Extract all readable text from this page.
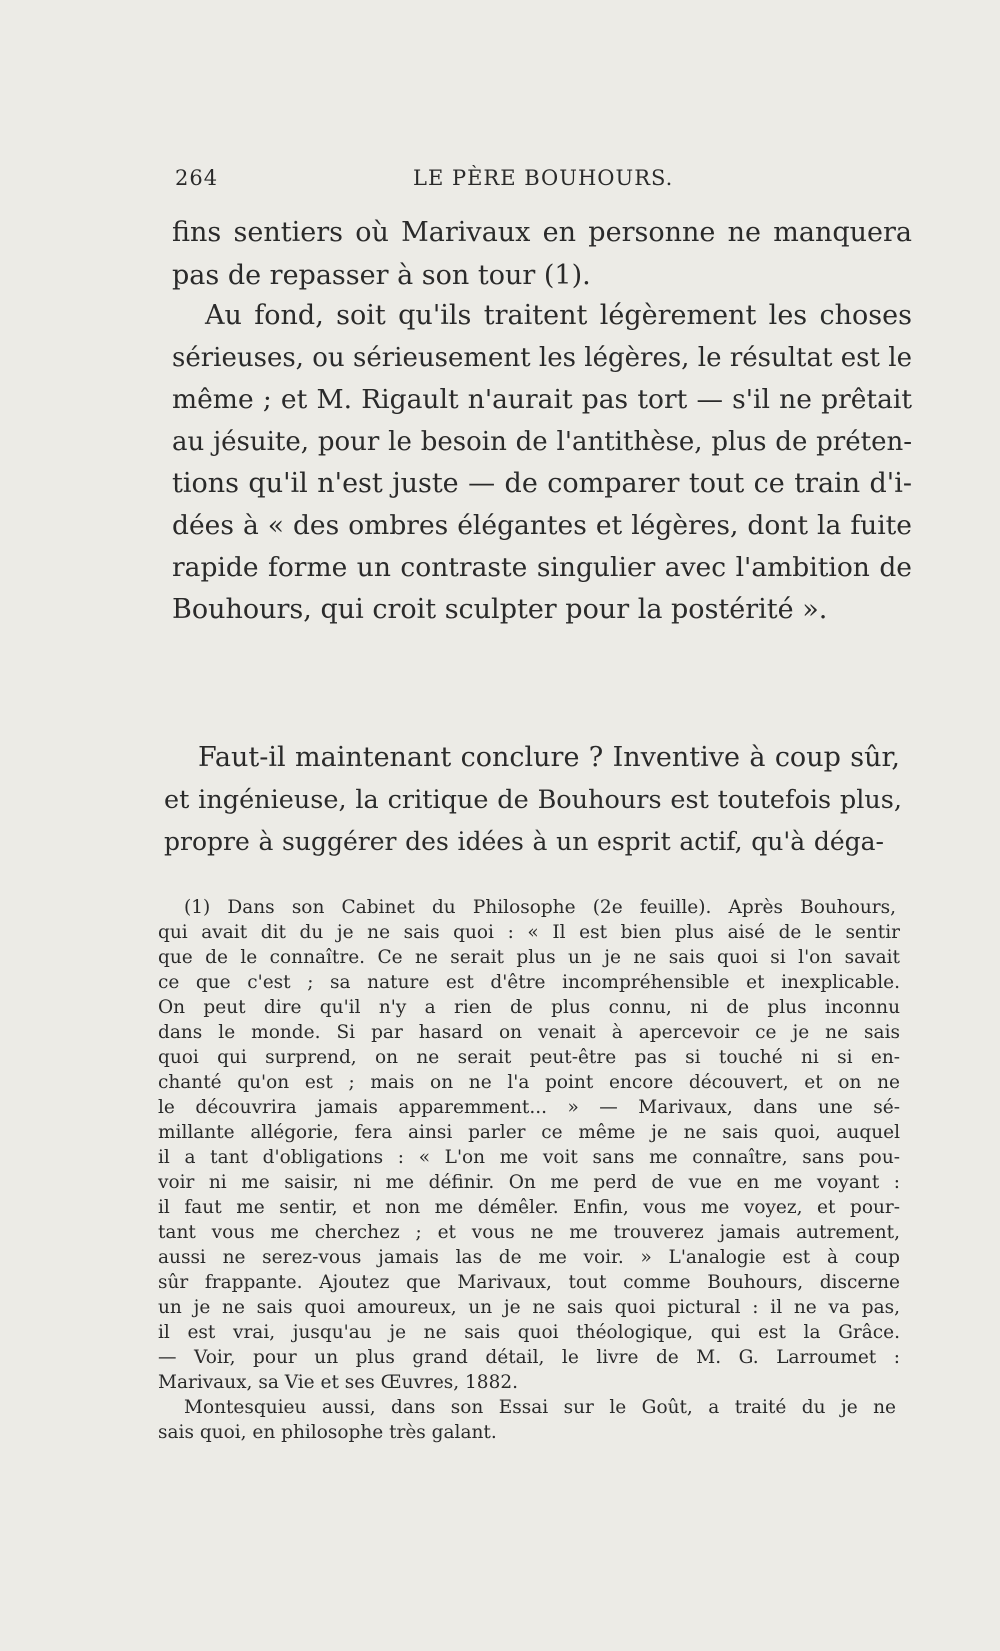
264	LE PÈRE BOUHOURS.
fins sentiers où Marivaux en personne ne manquera
pas de repasser à son tour (1).
Au fond, soit qu'ils traitent légèrement les choses
sérieuses, ou sérieusement les légères, le résultat est le
même ; et M. Rigault n'aurait pas tort — s'il ne prêtait
au jésuite, pour le besoin de l'antithèse, plus de préten-
tions qu'il n'est juste — de comparer tout ce train d'i-
dées à « des ombres élégantes et légères, dont la fuite
rapide forme un contraste singulier avec l'ambition de
Bouhours, qui croit sculpter pour la postérité ».
Faut-il maintenant conclure ? Inventive à coup sûr,
et ingénieuse, la critique de Bouhours est toutefois plus,
propre à suggérer des idées à un esprit actif, qu'à déga-
(1) Dans son Cabinet du Philosophe (2e feuille). Après Bouhours,
qui avait dit du je ne sais quoi : « Il est bien plus aisé de le sentir
que de le connaître. Ce ne serait plus un je ne sais quoi si l'on savait
ce que c'est ; sa nature est d'être incompréhensible et inexplicable.
On peut dire qu'il n'y a rien de plus connu, ni de plus inconnu
dans le monde. Si par hasard on venait à apercevoir ce je ne sais
quoi qui surprend, on ne serait peut-être pas si touché ni si en-
chanté qu'on est ; mais on ne l'a point encore découvert, et on ne
le découvrira jamais apparemment... » — Marivaux, dans une sé-
millante allégorie, fera ainsi parler ce même je ne sais quoi, auquel
il a tant d'obligations : « L'on me voit sans me connaître, sans pou-
voir ni me saisir, ni me définir. On me perd de vue en me voyant :
il faut me sentir, et non me démêler. Enfin, vous me voyez, et pour-
tant vous me cherchez ; et vous ne me trouverez jamais autrement,
aussi ne serez-vous jamais las de me voir. » L'analogie est à coup
sûr frappante. Ajoutez que Marivaux, tout comme Bouhours, discerne
un je ne sais quoi amoureux, un je ne sais quoi pictural : il ne va pas,
il est vrai, jusqu'au je ne sais quoi théologique, qui est la Grâce.
— Voir, pour un plus grand détail, le livre de M. G. Larroumet :
Marivaux, sa Vie et ses Œuvres, 1882.
Montesquieu aussi, dans son Essai sur le Goût, a traité du je ne
sais quoi, en philosophe très galant.
